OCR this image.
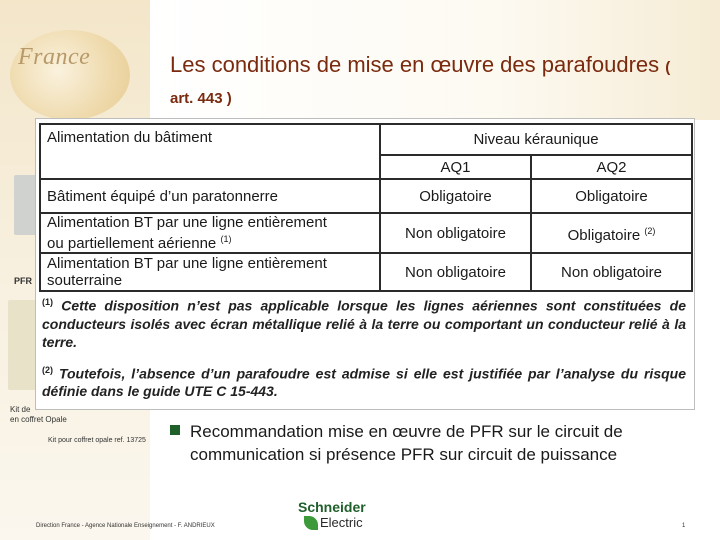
France	Les conditions de mise en œuvre des parafoudres ( art. 443 )
PFR
Kit de
en coffret Opale
Kit pour coffret opale ref. 13725
Alimentation du bâtiment	Niveau kéraunique	
	AQ1	AQ2
Bâtiment équipé d’un paratonnerre	Obligatoire	Obligatoire

Alimentation BT par une ligne entièrement
ou partiellement aérienne $^{(1)}$	Non obligatoire	Obligatoire $^{(2)}$

Alimentation BT par une ligne entièrement
souterraine	Non obligatoire	Non obligatoire

$^{(1)}$ Cette disposition n’est pas applicable lorsque les lignes aériennes sont constituées de conducteurs isolés avec écran métallique relié à la terre ou comportant un conducteur relié à la terre.

$^{(2)}$ Toutefois, l’absence d’un parafoudre est admise si elle est justifiée par l’analyse du risque définie dans le guide UTE C 15-443.

Recommandation mise en œuvre de PFR sur le circuit de communication si présence PFR sur circuit de puissance
Schneider
Electric
Direction France - Agence Nationale Enseignement - F. ANDRIEUX	1
